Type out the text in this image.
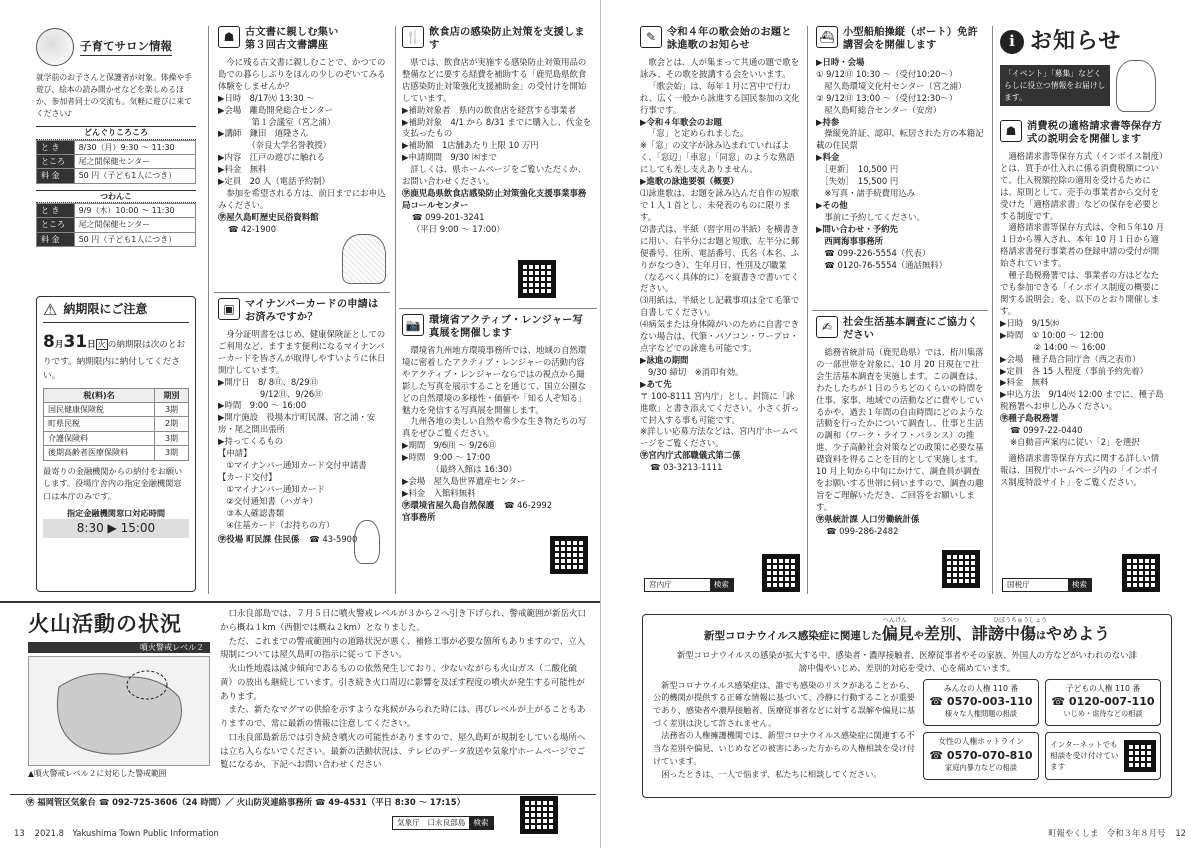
子育てサロン情報

就学前のお子さんと保護者が対象。体操や手遊び、絵本の読み聞かせなどを楽しめるほか、参加者同士の交流も。気軽に遊びに来てください♪

どんぐりころころ
と き	8/30（月）9:30 ～ 11:30
ところ	尾之間保健センター
料 金	50 円（子ども1人につき）
つわんこ
と き	9/9（木）10:00 ～ 11:30
ところ	尾之間保健センター
料 金	50 円（子ども1人につき）
⚠ 納期限にご注意
8月31日 火 の納期限は次のとおりです。納期限内に納付してください。
税(料)名	期別
国民健康保険税	3期
町県民税	2期
介護保険料	3期
後期高齢者医療保険料	3期

最寄りの金融機関からの納付をお願いします。役場庁舎内の指定金融機関窓口は本庁のみです。

指定金融機関窓口対応時間
8:30 ▶ 15:00
☗	古文書に親しむ集い
第３回古文書講座

今に残る古文書に親しむことで、かつての島での暮らしぶりをほんの少しのぞいてみる体験をしませんか？

▶日時　8/17㈫ 13:30 ～
▶会場　離島開発総合センター
　　　　第１会議室（宮之浦）
▶講師　鎌田　道隆さん
　　　　（奈良大学名誉教授）
▶内容　江戸の遊びに触れる
▶料金　無料
▶定員　20 人（電話予約制）

参加を希望される方は、前日までにお申込みください。

㊫屋久島町歴史民俗資料館
☎ 42-1900
▣	マイナンバーカードの申請はお済みですか？

身分証明書をはじめ、健康保険証としてのご利用など、ますます便利になるマイナンバーカードを皆さんが取得しやすいように休日開庁しています。

▶開庁日　8/ 8㊐、8/29㊐
　　　　　9/12㊐、9/26㊐
▶時間　9:00 ～ 16:00
▶開庁施設　役場本庁町民課、宮之浦・安房・尾之間出張所
▶持ってくるもの
【申請】
　①マイナンバー通知カード交付申請書
【カード交付】
　①マイナンバー通知カード
　②交付通知書（ハガキ）
　③本人確認書類
　④住基カード（お持ちの方）
㊫役場 町民課 住民係 ☎ 43-5900
🍴 飲食店の感染防止対策を支援します

県では、飲食店が実施する感染防止対策用品の整備などに要する経費を補助する「鹿児島県飲食店感染防止対策強化支援補助金」の受付けを開始しています。

▶補助対象者　県内の飲食店を経営する事業者
▶補助対象　4/1 から 8/31 までに購入し、代金を支払ったもの
▶補助額　1店舗あたり上限 10 万円
▶申請期間　9/30 ㈭まで

詳しくは、県ホームページをご覧いただくか、お問い合わせください。

㊫鹿児島県飲食店感染防止対策強化支援事業事務局コールセンター
☎ 099-201-3241
（平日 9:00 ～ 17:00）
📷 環境省アクティブ・レンジャー写真展を開催します

環境省九州地方環境事務所では、地域の自然環境に密着したアクティブ・レンジャーの活動内容やアクティブ・レンジャーならではの視点から撮影した写真を展示することを通じて、国立公園などの自然環境の多様性・価値や「知る人ぞ知る」魅力を発信する写真展を開催します。

九州各地の美しい自然や希少な生き物たちの写真をぜひご覧ください。

▶期間　9/6㈪ ～ 9/26㊐
▶時間　9:00 ～ 17:00
　　　　（最終入館は 16:30）
▶会場　屋久島世界遺産センター
▶料金　入館料無料
㊫環境省屋久島自然保護官事務所
☎ 46-2992
火山活動の状況
噴火警戒レベル２
▲噴火警戒レベル２に対応した警戒範囲

口永良部島では、７月５日に噴火警戒レベルが３から２へ引き下げられ、警戒範囲が新岳火口から概ね１km（西側では概ね２km）となりました。

ただ、これまでの警戒範囲内の道路状況が悪く、補修工事が必要な箇所もありますので、立入規制については屋久島町の指示に従って下さい。

火山性地震は減少傾向であるものの依然発生しており、少ないながらも火山ガス（二酸化硫黄）の放出も継続しています。引き続き火口周辺に影響を及ぼす程度の噴火が発生する可能性があります。

また、新たなマグマの供給を示すような兆候がみられた時には、再びレベルが上がることもありますので、常に最新の情報に注意してください。

口永良部島新岳では引き続き噴火の可能性がありますので、屋久島町が規制をしている場所へは立ち入らないでください。最新の活動状況は、テレビのデータ放送や気象庁ホームページでご覧になるか、下記へお問い合わせください

㊫ 福岡管区気象台 ☎ 092-725-3606（24 時間）／ 火山防災連絡事務所 ☎ 49-4531（平日 8:30 ～ 17:15）
気象庁　口永良部島	検索
13 2021.8　Yakushima Town Public Information
✎	令和４年の歌会始のお題と詠進歌のお知らせ

歌会とは、人が集まって共通の題で歌を詠み、その歌を披講する会をいいます。

「歌会始」は、毎年１月に宮中で行われ、広く一般から詠進する国民参加の文化行事です。

▶令和４年歌会のお題
「窓」と定められました。
※「窓」の文字が詠み込まれていればよく、「窓辺」「車窓」「同窓」のような熟語にしても差し支えありません。
▶進歌の詠進要領（概要）
⑴詠進歌は、お題を詠み込んだ自作の短歌で１人１首とし、未発表のものに限ります。
⑵書式は、半紙（習字用の半紙）を横書きに用い、右半分にお題と短歌、左半分に郵便番号、住所、電話番号、氏名（本名、ふりがなつき）、生年月日、性別及び職業（なるべく具体的に）を縦書きで書いてください。
⑶用紙は、半紙とし記載事項は全て毛筆で自書してください。
⑷病気または身体障がいのために自書できない場合は、代筆・パソコン・ワープロ・点字などでの詠進も可能です。
▶詠進の期間
9/30 締切　※消印有効。
▶あて先
〒 100-8111 宮内庁」とし、封筒に「詠進歌」と書き添えてください。小さく折って封入する事も可能です。
※詳しい応募方法などは、宮内庁ホームページをご覧ください。
㊫宮内庁式部職儀式第二係
☎ 03-3213-1111
宮内庁	検索
⛴ 小型船舶操縦（ボート）免許講習会を開催します
▶日時・会場
① 9/12㊐ 10:30 ～（受付10:20～）
　屋久島環境文化村センター（宮之浦）
② 9/12㊐ 13:00 ～（受付12:30～）
　屋久島町総合センター（安房）
▶持参
　操縦免許証、認印、転居された方の本籍記載の住民票
▶料金
　［更新］　10,500 円
　［失効］　15,500 円
　※写真・諸手続費用込み
▶その他
　事前に予約してください。
▶問い合わせ・予約先
　西岡海事事務所
　☎ 099-226-5554（代表）
　☎ 0120-76-5554（通話無料）
✍	社会生活基本調査にご協力ください

総務省統計局（鹿児島県）では、桁川集落の一部世帯を対象に、10 月 20 日現在で社会生活基本調査を実施します。この調査は、わたしたちが１日のうちどのくらいの時間を仕事、家事、地域での活動などに費やしているかや、過去１年間の自由時間にどのような活動を行ったかについて調査し、仕事と生活の調和（ワーク・ライフ・バランス）の推進、少子高齢社会対策などの政策に必要な基礎資料を得ることを目的として実施します。10 月上旬から中旬にかけて、調査員が調査をお願いする世帯に伺いますので、調査の趣旨をご理解いただき、ご回答をお願いします。

㊫県統計課 人口労働統計係
☎ 099-286-2482
i お知らせ
「イベント」「募集」などくらしに役立つ情報をお届けします。
☗	消費税の適格請求書等保存方式の説明会を開催します

適格請求書等保存方式（インボイス制度）とは、買手が仕入れに係る消費税額について、仕入税額控除の適用を受けるためには、原則として、売手の事業者から交付を受けた「適格請求書」などの保存を必要とする制度です。

適格請求書等保存方式は、令和５年10 月１日から導入され、本年 10 月１日から適格請求書発行事業者の登録申請の受付が開始されています。

種子島税務署では、事業者の方はどなたでも参加できる「インボイス制度の概要に関する説明会」を、以下のとおり開催します。

▶日時　9/15㈬
▶時間　① 10:00 ～ 12:00
　　　　② 14:00 ～ 16:00
▶会場　種子島合同庁舎（西之表市）
▶定員　各 15 人程度（事前予約先着）
▶料金　無料
▶申込方法　9/14㈫ 12:00 までに、種子島税務署へお申し込みください。
㊫種子島税務署
☎ 0997-22-0440
※自動音声案内に従い「2」を選択

適格請求書等保存方式に関する詳しい情報は、国税庁ホームページ内の「インボイス制度特設サイト」をご覧ください。

国税庁	検索
新型コロナウイルス感染症に関連した偏見や差別、誹謗中傷はやめよう
へんけん	さべつ	ひぼうちゅうしょう

新型コロナウイルスの感染が拡大する中、感染者・濃厚接触者、医療従事者やその家族、外国人の方などがいわれのない誹謗中傷やいじめ、差別的対応を受け、心を痛めています。

新型コロナウイルス感染症は、誰でも感染のリスクがあることから、公的機関が提供する正確な情報に基づいて、冷静に行動することが重要であり、感染者や濃厚接触者、医療従事者などに対する誤解や偏見に基づく差別は決して許されません。

法務省の人権擁護機関では、新型コロナウイルス感染症に関連する不当な差別や偏見、いじめなどの被害にあった方からの人権相談を受け付けています。

困ったときは、一人で悩まず、私たちに相談してください。

みんなの人権 110 番
☎ 0570-003-110
様々な人権問題の相談
子どもの人権 110 番
☎ 0120-007-110
いじめ・虐待などの相談
女性の人権ホットライン
☎ 0570-070-810
家庭内暴力などの相談
インターネットでも相談を受け付けています
町報やくしま　令和３年８月号 12
